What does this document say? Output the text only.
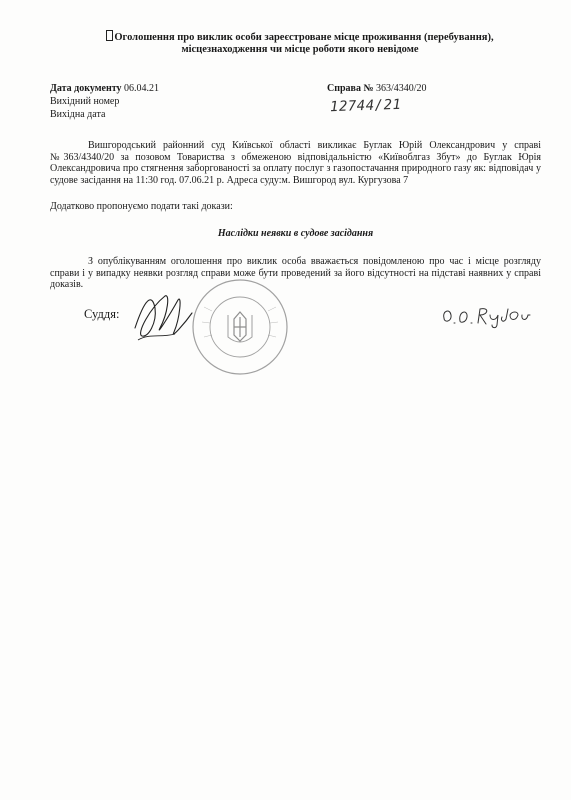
Оголошення про виклик особи зареєстроване місце проживання (перебування),
місцезнаходження чи місце роботи якого невідоме
Дата документу 06.04.21
Вихідний номер
Вихідна дата
Справа № 363/4340/20
12744/21
Вишгородський районний суд Київської області викликає Буглак Юрій Олександрович у справі №363/4340/20 за позовом Товариства з обмеженою відповідальністю «Київоблгаз Збут» до Буглак Юрія Олександровича про стягнення заборгованості за оплату послуг з газопостачання природного газу як: відповідач у судове засідання на 11:30 год. 07.06.21 р. Адреса суду:м. Вишгород вул. Кургузова 7
Додатково пропонуємо подати такі докази:
Наслідки неявки в судове засідання
З опублікуванням оголошення про виклик особа вважається повідомленою про час і місце розгляду справи і у випадку неявки розгляд справи може бути проведений за його відсутності на підставі наявних у справі доказів.
Суддя:
